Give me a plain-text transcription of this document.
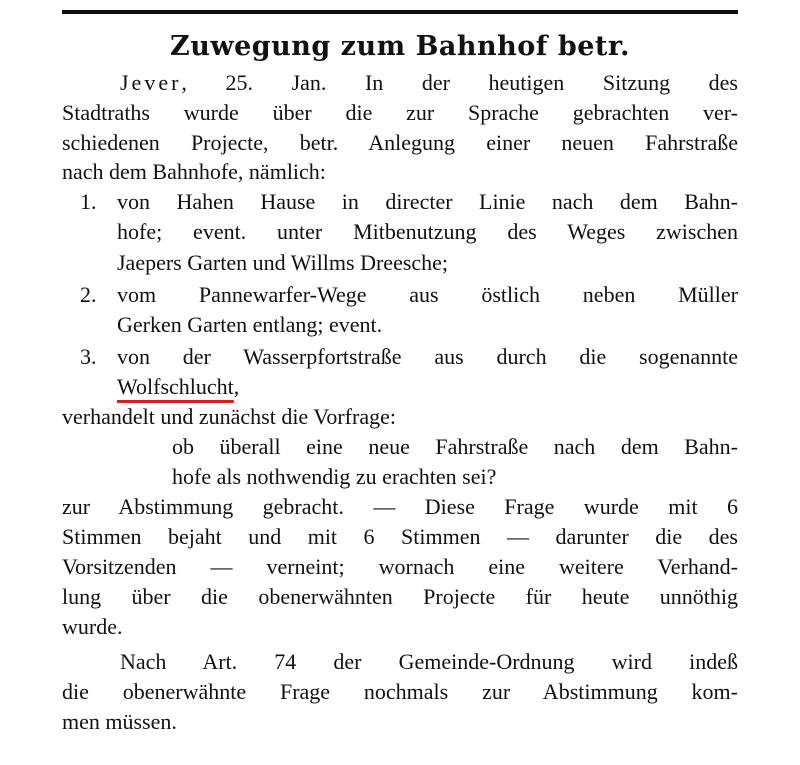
Zuwegung zum Bahnhof betr.

Jever, 25. Jan. In der heutigen Sitzung des

Stadtraths wurde über die zur Sprache gebrachten ver-

schiedenen Projecte, betr. Anlegung einer neuen Fahrstraße

nach dem Bahnhofe, nämlich:

1. von Hahen Hause in directer Linie nach dem Bahn-

hofe; event. unter Mitbenutzung des Weges zwischen

Jaepers Garten und Willms Dreesche;

2. vom Pannewarfer-Wege aus östlich neben Müller

Gerken Garten entlang; event.

3. von der Wasserpfortstraße aus durch die sogenannte

Wolfschlucht,

verhandelt und zunächst die Vorfrage:

ob überall eine neue Fahrstraße nach dem Bahn-

hofe als nothwendig zu erachten sei?

zur Abstimmung gebracht. — Diese Frage wurde mit 6

Stimmen bejaht und mit 6 Stimmen — darunter die des

Vorsitzenden — verneint; wornach eine weitere Verhand-

lung über die obenerwähnten Projecte für heute unnöthig

wurde.

Nach Art. 74 der Gemeinde-Ordnung wird indeß

die obenerwähnte Frage nochmals zur Abstimmung kom-

men müssen.
